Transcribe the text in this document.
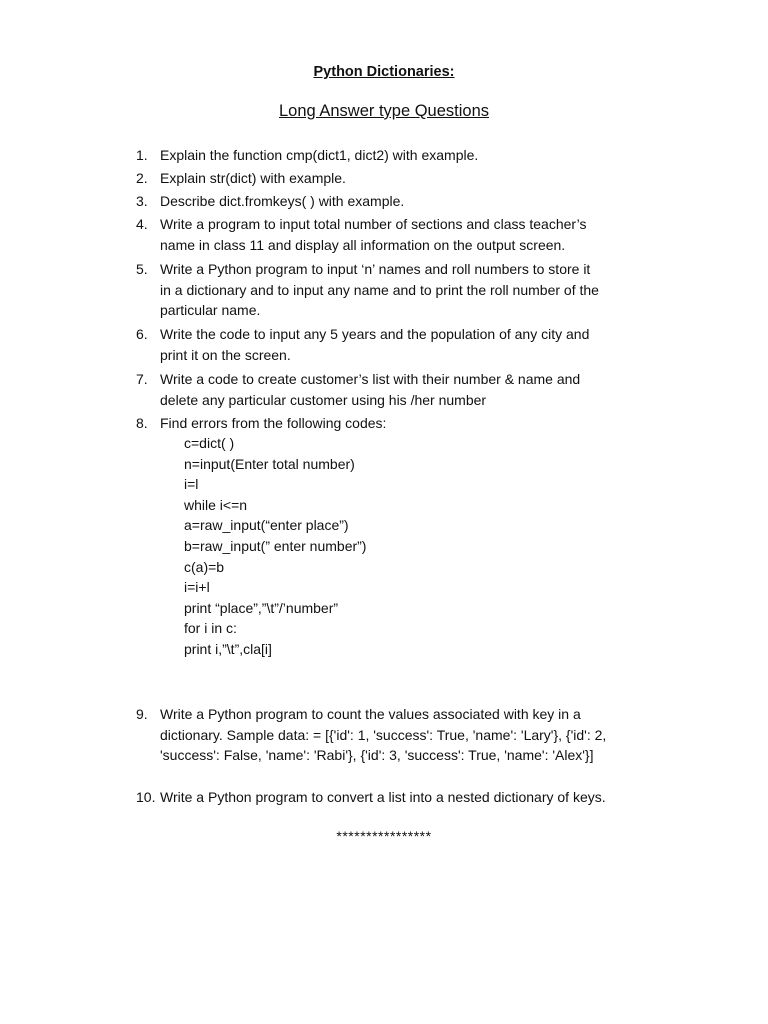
Python Dictionaries:
Long Answer type Questions
1. Explain the function cmp(dict1, dict2) with example.
2. Explain str(dict) with example.
3. Describe dict.fromkeys( ) with example.
4. Write a program to input total number of sections and class teacher’s
name in class 11 and display all information on the output screen.
5. Write a Python program to input ‘n’ names and roll numbers to store it
in a dictionary and to input any name and to print the roll number of the
particular name.
6. Write the code to input any 5 years and the population of any city and
print it on the screen.
7. Write a code to create customer’s list with their number & name and
delete any particular customer using his /her number
8. Find errors from the following codes:
c=dict( )
n=input(Enter total number)
i=l
while i<=n
a=raw_input(“enter place”)
b=raw_input(” enter number”)
c(a)=b
i=i+l
print “place”,”\t”/’number”
for i in c:
print i,”\t”,cla[i]
9. Write a Python program to count the values associated with key in a
dictionary. Sample data: = [{'id': 1, 'success': True, 'name': 'Lary'}, {'id': 2,
'success': False, 'name': 'Rabi'}, {'id': 3, 'success': True, 'name': 'Alex'}]
10. Write a Python program to convert a list into a nested dictionary of keys.
****************
